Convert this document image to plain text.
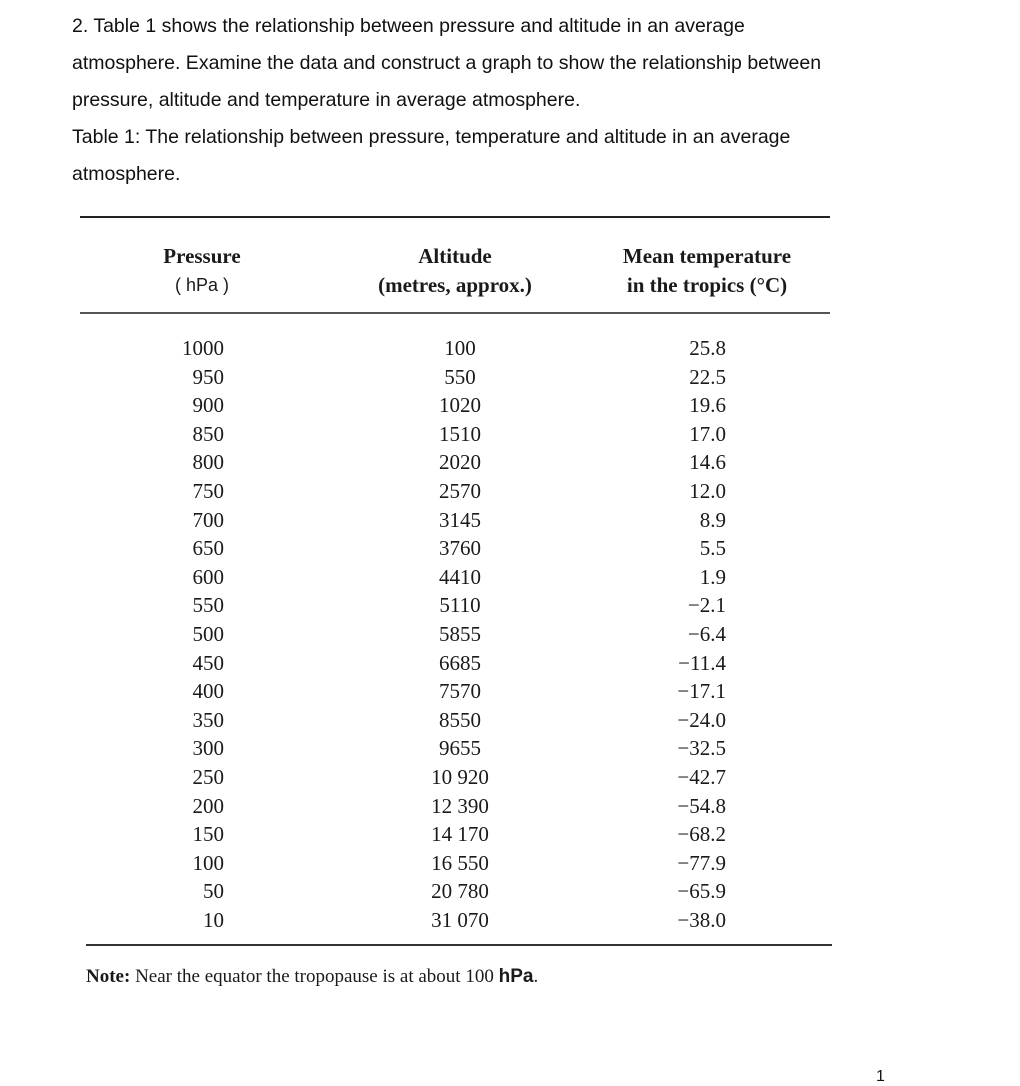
2. Table 1 shows the relationship between pressure and altitude in an average

atmosphere. Examine the data and construct a graph to show the relationship between

pressure, altitude and temperature in average atmosphere.

Table 1: The relationship between pressure, temperature and altitude in an average

atmosphere.

Pressure
( hPa )
Altitude
(metres, approx.)
Mean temperature
in the tropics (°C)
1000
950
900
850
800
750
700
650
600
550
500
450
400
350
300
250
200
150
100
50
10
100
550
1020
1510
2020
2570
3145
3760
4410
5110
5855
6685
7570
8550
9655
10 920
12 390
14 170
16 550
20 780
31 070
25.8
22.5
19.6
17.0
14.6
12.0
8.9
5.5
1.9
−2.1
−6.4
−11.4
−17.1
−24.0
−32.5
−42.7
−54.8
−68.2
−77.9
−65.9
−38.0
Note: Near the equator the tropopause is at about 100 hPa.
1
